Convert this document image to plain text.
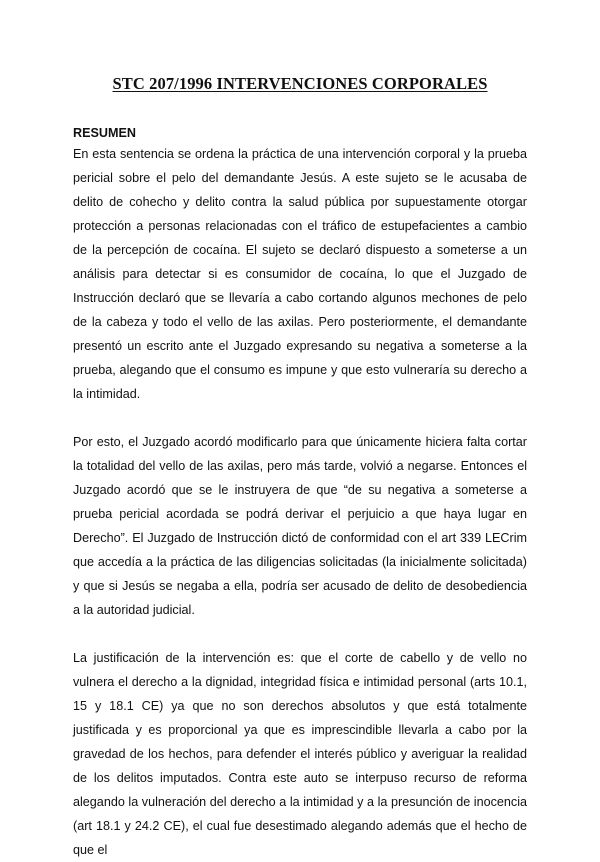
STC 207/1996 INTERVENCIONES CORPORALES

RESUMEN

En esta sentencia se ordena la práctica de una intervención corporal y la prueba pericial sobre el pelo del demandante Jesús. A este sujeto se le acusaba de delito de cohecho y delito contra la salud pública por supuestamente otorgar protección a personas relacionadas con el tráfico de estupefacientes a cambio de la percepción de cocaína. El sujeto se declaró dispuesto a someterse a un análisis para detectar si es consumidor de cocaína, lo que el Juzgado de Instrucción declaró que se llevaría a cabo cortando algunos mechones de pelo de la cabeza y todo el vello de las axilas. Pero posteriormente, el demandante presentó un escrito ante el Juzgado expresando su negativa a someterse a la prueba, alegando que el consumo es impune y que esto vulneraría su derecho a la intimidad.

Por esto, el Juzgado acordó modificarlo para que únicamente hiciera falta cortar la totalidad del vello de las axilas, pero más tarde, volvió a negarse. Entonces el Juzgado acordó que se le instruyera de que “de su negativa a someterse a prueba pericial acordada se podrá derivar el perjuicio a que haya lugar en Derecho”. El Juzgado de Instrucción dictó de conformidad con el art 339 LECrim que accedía a la práctica de las diligencias solicitadas (la inicialmente solicitada) y que si Jesús se negaba a ella, podría ser acusado de delito de desobediencia a la autoridad judicial.

La justificación de la intervención es: que el corte de cabello y de vello no vulnera el derecho a la dignidad, integridad física e intimidad personal (arts 10.1, 15 y 18.1 CE) ya que no son derechos absolutos y que está totalmente justificada y es proporcional ya que es imprescindible llevarla a cabo por la gravedad de los hechos, para defender el interés público y averiguar la realidad de los delitos imputados. Contra este auto se interpuso recurso de reforma alegando la vulneración del derecho a la intimidad y a la presunción de inocencia (art 18.1 y 24.2 CE), el cual fue desestimado alegando además que el hecho de que el
